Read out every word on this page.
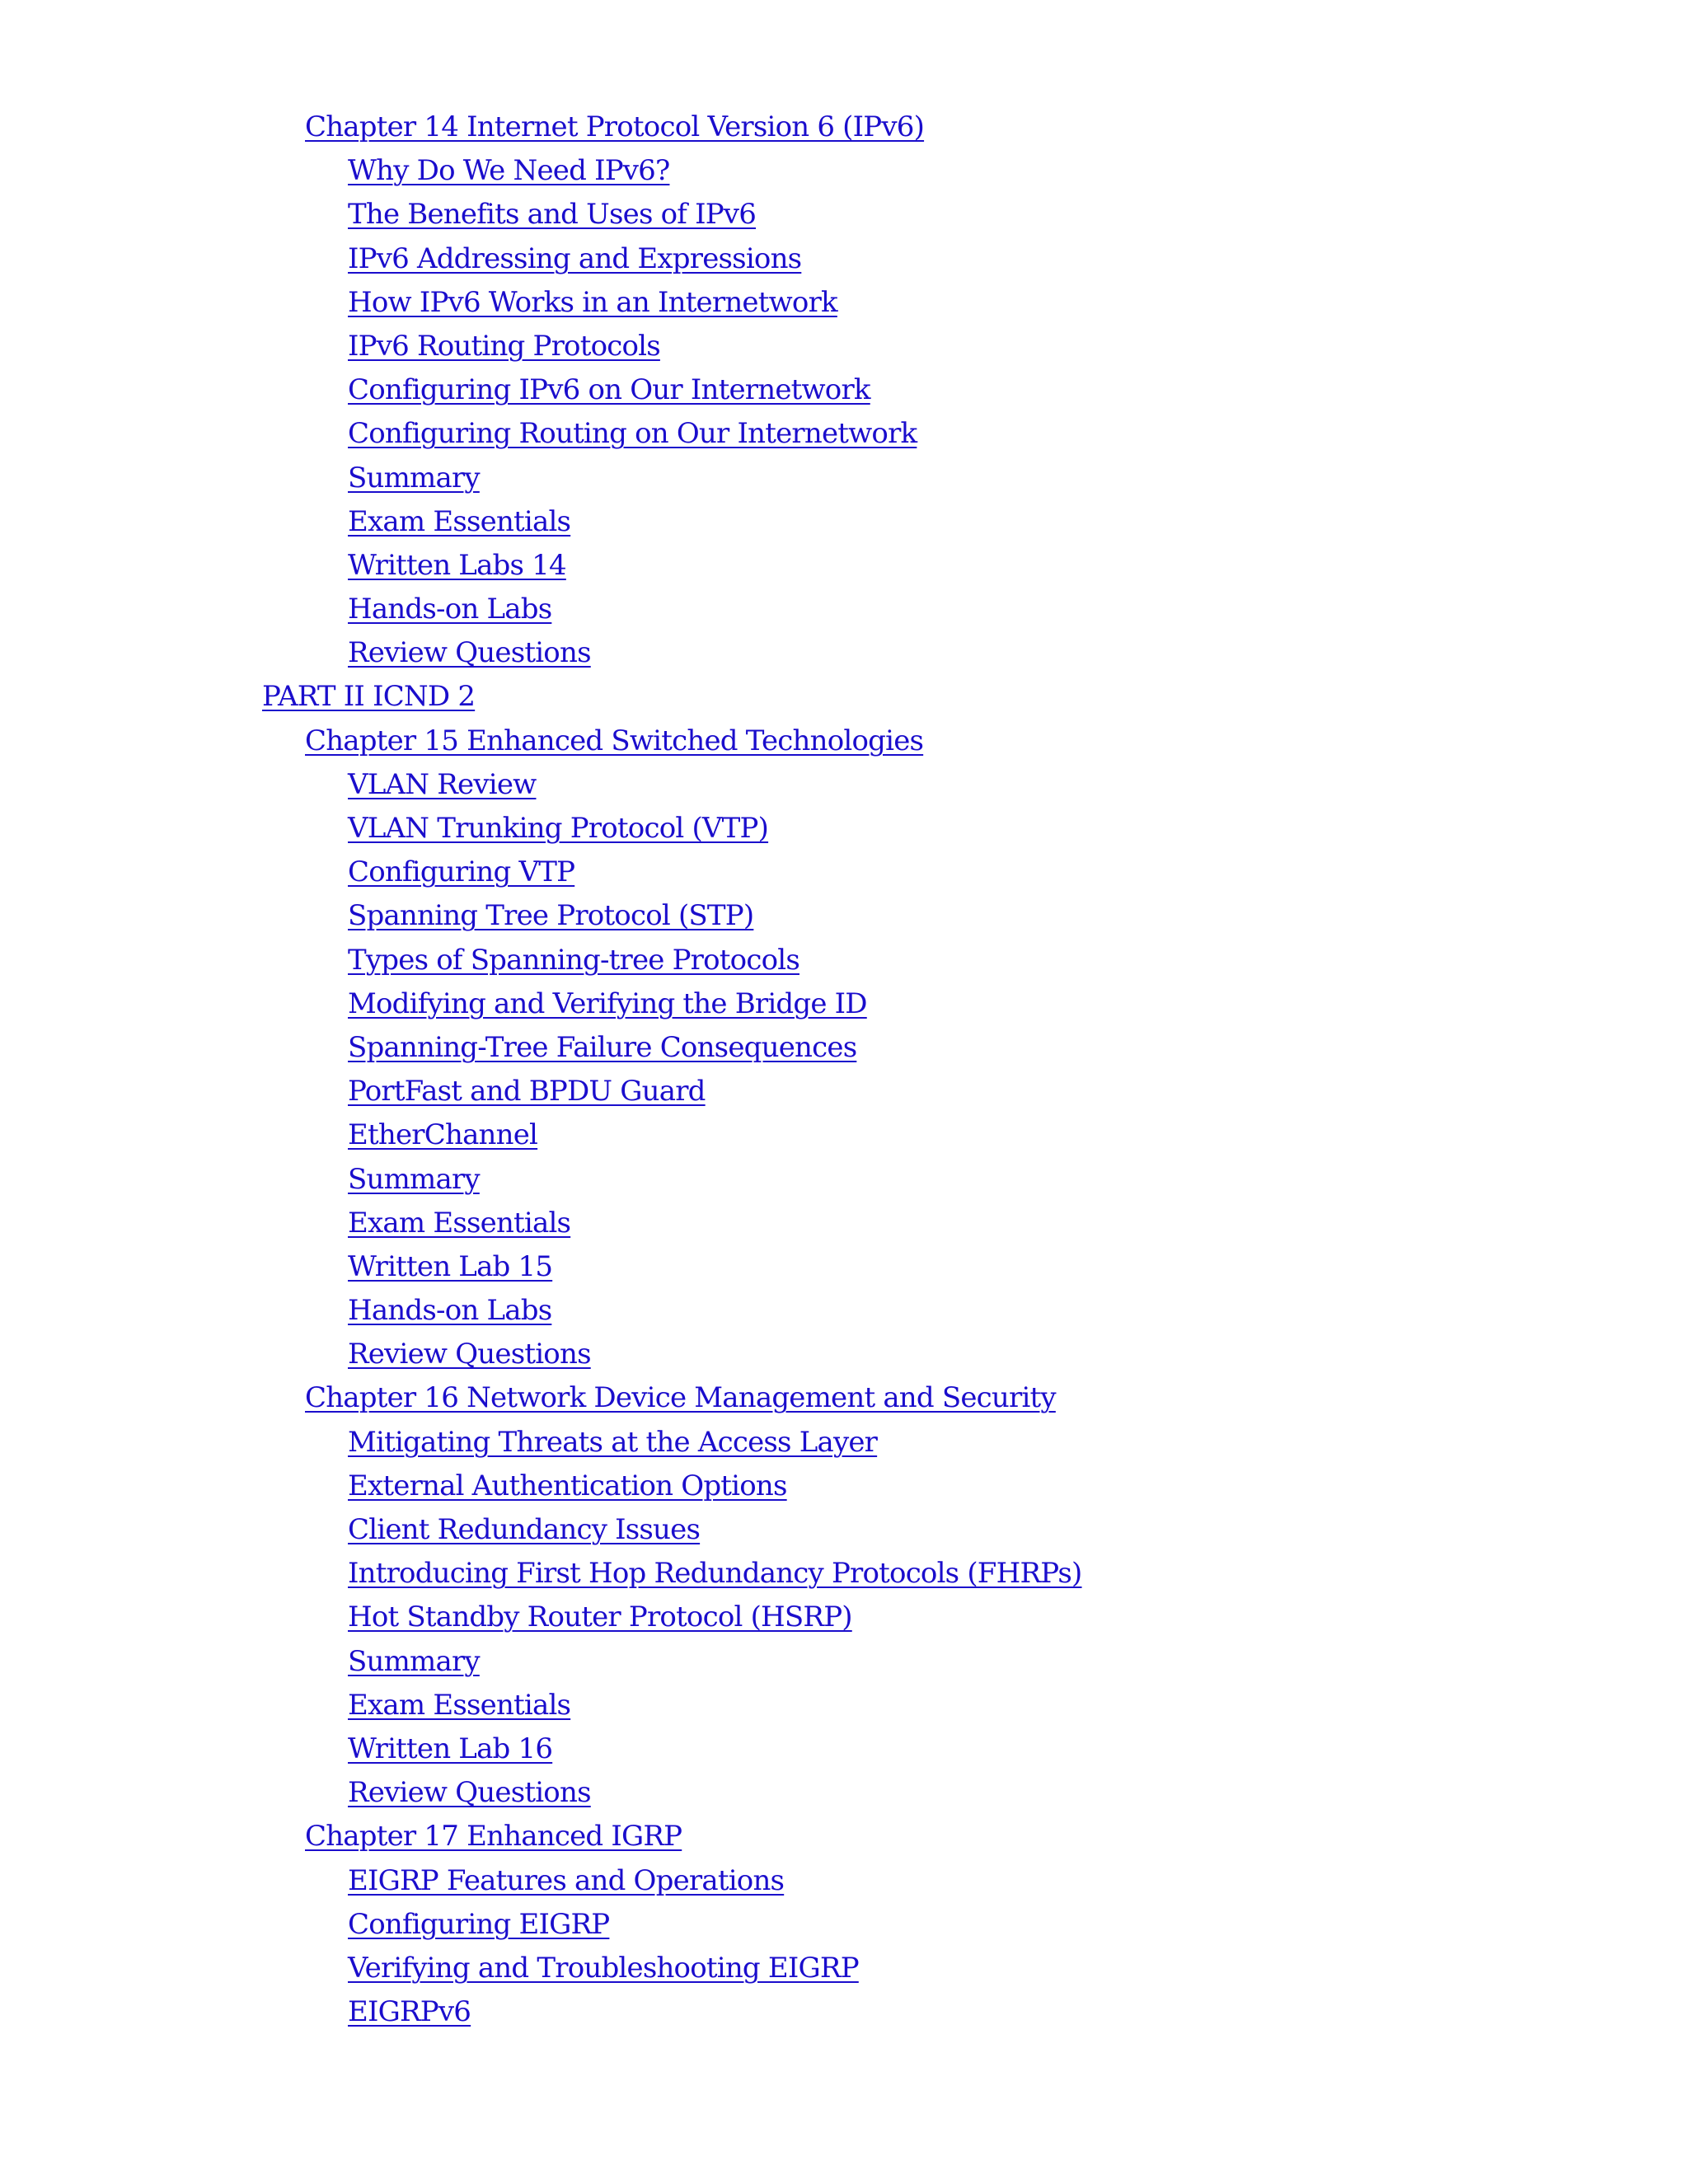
Chapter 14 Internet Protocol Version 6 (IPv6)
Why Do We Need IPv6?
The Benefits and Uses of IPv6
IPv6 Addressing and Expressions
How IPv6 Works in an Internetwork
IPv6 Routing Protocols
Configuring IPv6 on Our Internetwork
Configuring Routing on Our Internetwork
Summary
Exam Essentials
Written Labs 14
Hands-on Labs
Review Questions
PART II ICND 2
Chapter 15 Enhanced Switched Technologies
VLAN Review
VLAN Trunking Protocol (VTP)
Configuring VTP
Spanning Tree Protocol (STP)
Types of Spanning-tree Protocols
Modifying and Verifying the Bridge ID
Spanning-Tree Failure Consequences
PortFast and BPDU Guard
EtherChannel
Summary
Exam Essentials
Written Lab 15
Hands-on Labs
Review Questions
Chapter 16 Network Device Management and Security
Mitigating Threats at the Access Layer
External Authentication Options
Client Redundancy Issues
Introducing First Hop Redundancy Protocols (FHRPs)
Hot Standby Router Protocol (HSRP)
Summary
Exam Essentials
Written Lab 16
Review Questions
Chapter 17 Enhanced IGRP
EIGRP Features and Operations
Configuring EIGRP
Verifying and Troubleshooting EIGRP
EIGRPv6
